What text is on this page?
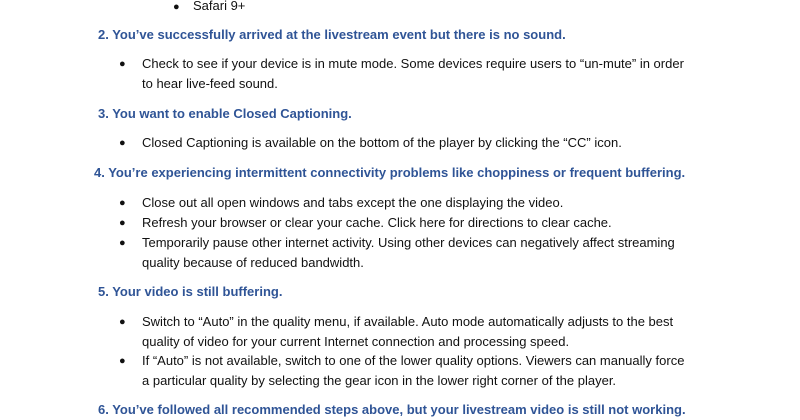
● Safari 9+
2. You’ve successfully arrived at the livestream event but there is no sound.
● Check to see if your device is in mute mode. Some devices require users to “un-mute” in order
to hear live-feed sound.
3. You want to enable Closed Captioning.
● Closed Captioning is available on the bottom of the player by clicking the “CC” icon.
4. You’re experiencing intermittent connectivity problems like choppiness or frequent buffering.
● Close out all open windows and tabs except the one displaying the video.
● Refresh your browser or clear your cache. Click here for directions to clear cache.
● Temporarily pause other internet activity. Using other devices can negatively affect streaming
quality because of reduced bandwidth.
5. Your video is still buffering.
● Switch to “Auto” in the quality menu, if available. Auto mode automatically adjusts to the best
quality of video for your current Internet connection and processing speed.
● If “Auto” is not available, switch to one of the lower quality options. Viewers can manually force
a particular quality by selecting the gear icon in the lower right corner of the player.
6. You’ve followed all recommended steps above, but your livestream video is still not working.
